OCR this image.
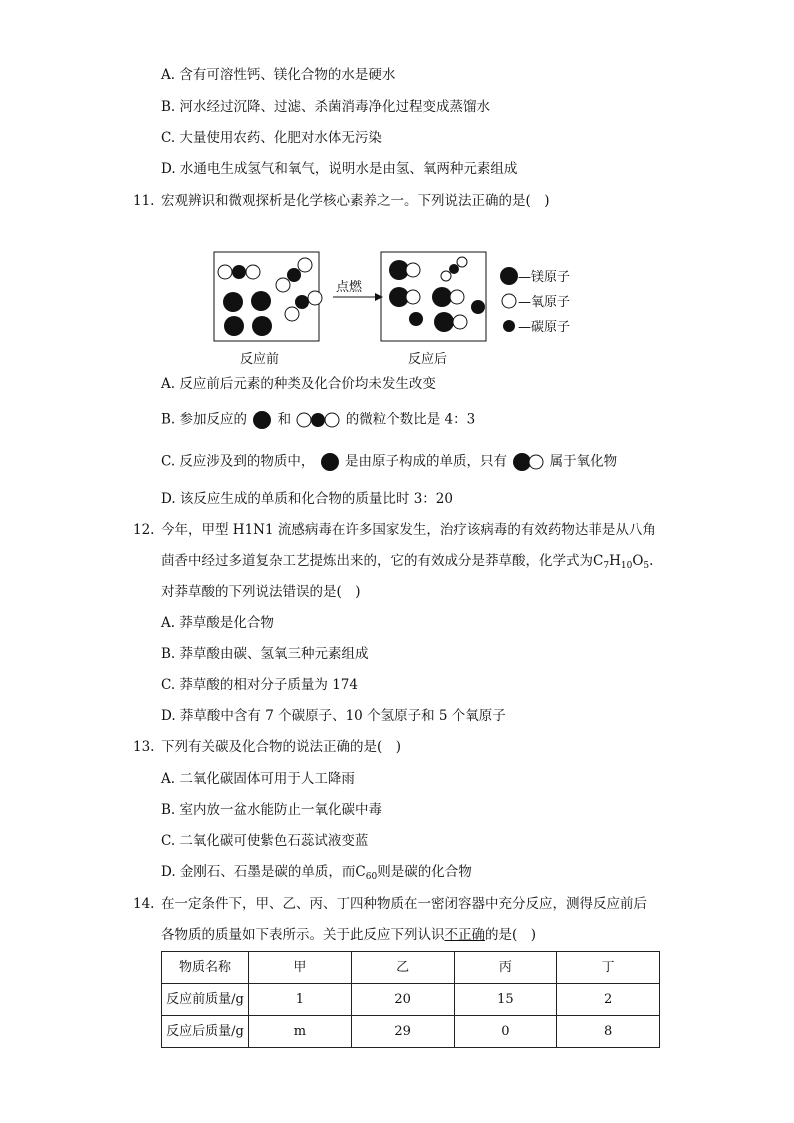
A. 含有可溶性钙、镁化合物的水是硬水
B. 河水经过沉降、过滤、杀菌消毒净化过程变成蒸馏水
C. 大量使用农药、化肥对水体无污染
D. 水通电生成氢气和氧气，说明水是由氢、氧两种元素组成
11. 宏观辨识和微观探析是化学核心素养之一。下列说法正确的是(　)
点燃
—镁原子
—氧原子
—碳原子
反应前	反应后
A. 反应前后元素的种类及化合价均未发生改变
B. 参加反应的 和	的微粒个数比是 4：3
C. 反应涉及到的物质中， 是由原子构成的单质，只有	属于氧化物
D. 该反应生成的单质和化合物的质量比时 3：20
12. 今年，甲型 H1N1 流感病毒在许多国家发生，治疗该病毒的有效药物达菲是从八角
茴香中经过多道复杂工艺提炼出来的，它的有效成分是莽草酸，化学式为$C_7H_{10}O_5$.
对莽草酸的下列说法错误的是(　)
A. 莽草酸是化合物
B. 莽草酸由碳、氢氧三种元素组成
C. 莽草酸的相对分子质量为 174
D. 莽草酸中含有 7 个碳原子、10 个氢原子和 5 个氧原子
13. 下列有关碳及化合物的说法正确的是(　)
A. 二氧化碳固体可用于人工降雨
B. 室内放一盆水能防止一氧化碳中毒
C. 二氧化碳可使紫色石蕊试液变蓝
D. 金刚石、石墨是碳的单质，而$C_{60}$则是碳的化合物
14. 在一定条件下，甲、乙、丙、丁四种物质在一密闭容器中充分反应，测得反应前后
各物质的质量如下表所示。关于此反应下列认识不正确的是(　)
物质名称	甲	乙	丙	丁
反应前质量/g	1	20	15	2
反应后质量/g	m	29	0	8
